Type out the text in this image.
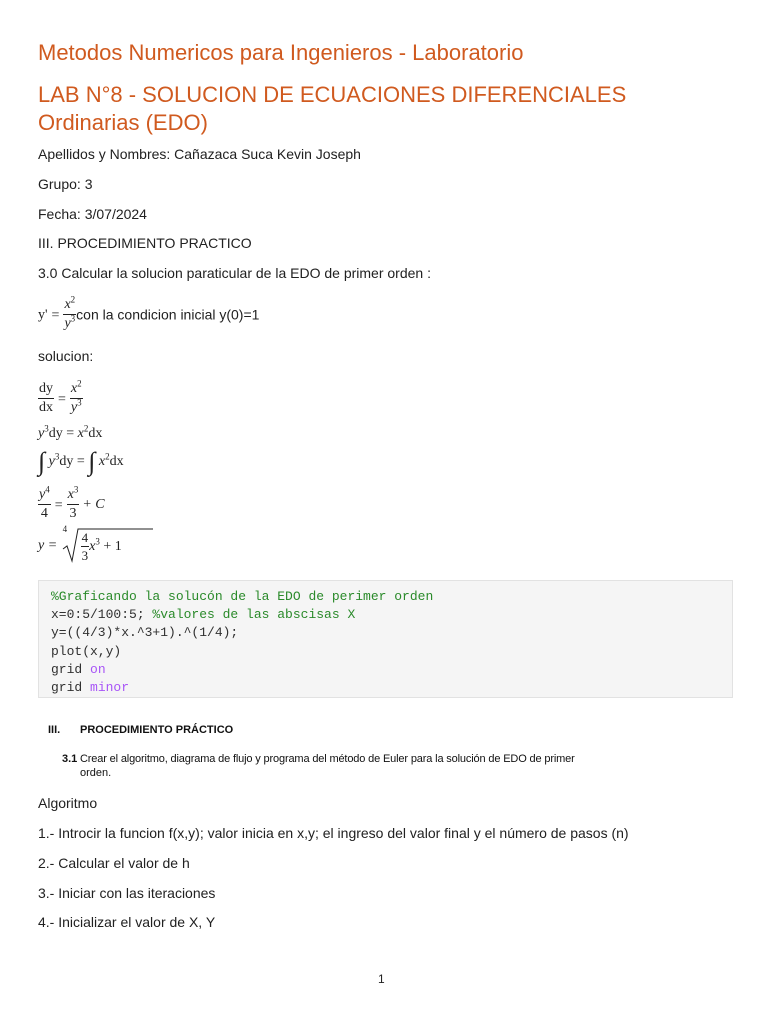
Metodos Numericos para Ingenieros - Laboratorio
LAB N°8 - SOLUCION DE ECUACIONES DIFERENCIALES
Ordinarias (EDO)
Apellidos y Nombres: Cañazaca Suca Kevin Joseph
Grupo: 3
Fecha: 3/07/2024
III. PROCEDIMIENTO PRACTICO
3.0 Calcular la solucion paraticular de la EDO de primer orden :
$y' = \frac{x^2}{y^3}$ con la condicion inicial y(0)=1
solucion:
$\frac{dy}{dx} = \frac{x^2}{y^3}$
$y^3dy = x^2dx$
∫ $y^3dy$ = ∫ $x^2dx$
$\frac{y^4}{4} = \frac{x^3}{3} + C$
y =
4
$\frac{4}{3} x^3 + 1$
%Graficando la solucón de la EDO de perimer orden
x=0:5/100:5; %valores de las abscisas X
y=((4/3)*x.^3+1).^(1/4);
plot(x,y)
grid on
grid minor
III. PROCEDIMIENTO PRÁCTICO
3.1 Crear el algoritmo, diagrama de flujo y programa del método de Euler para la solución de EDO de primer
orden.
Algoritmo
1.- Introcir la funcion f(x,y); valor inicia en x,y; el ingreso del valor final y el número de pasos (n)
2.- Calcular el valor de h
3.- Iniciar con las iteraciones
4.- Inicializar el valor de X, Y
1
